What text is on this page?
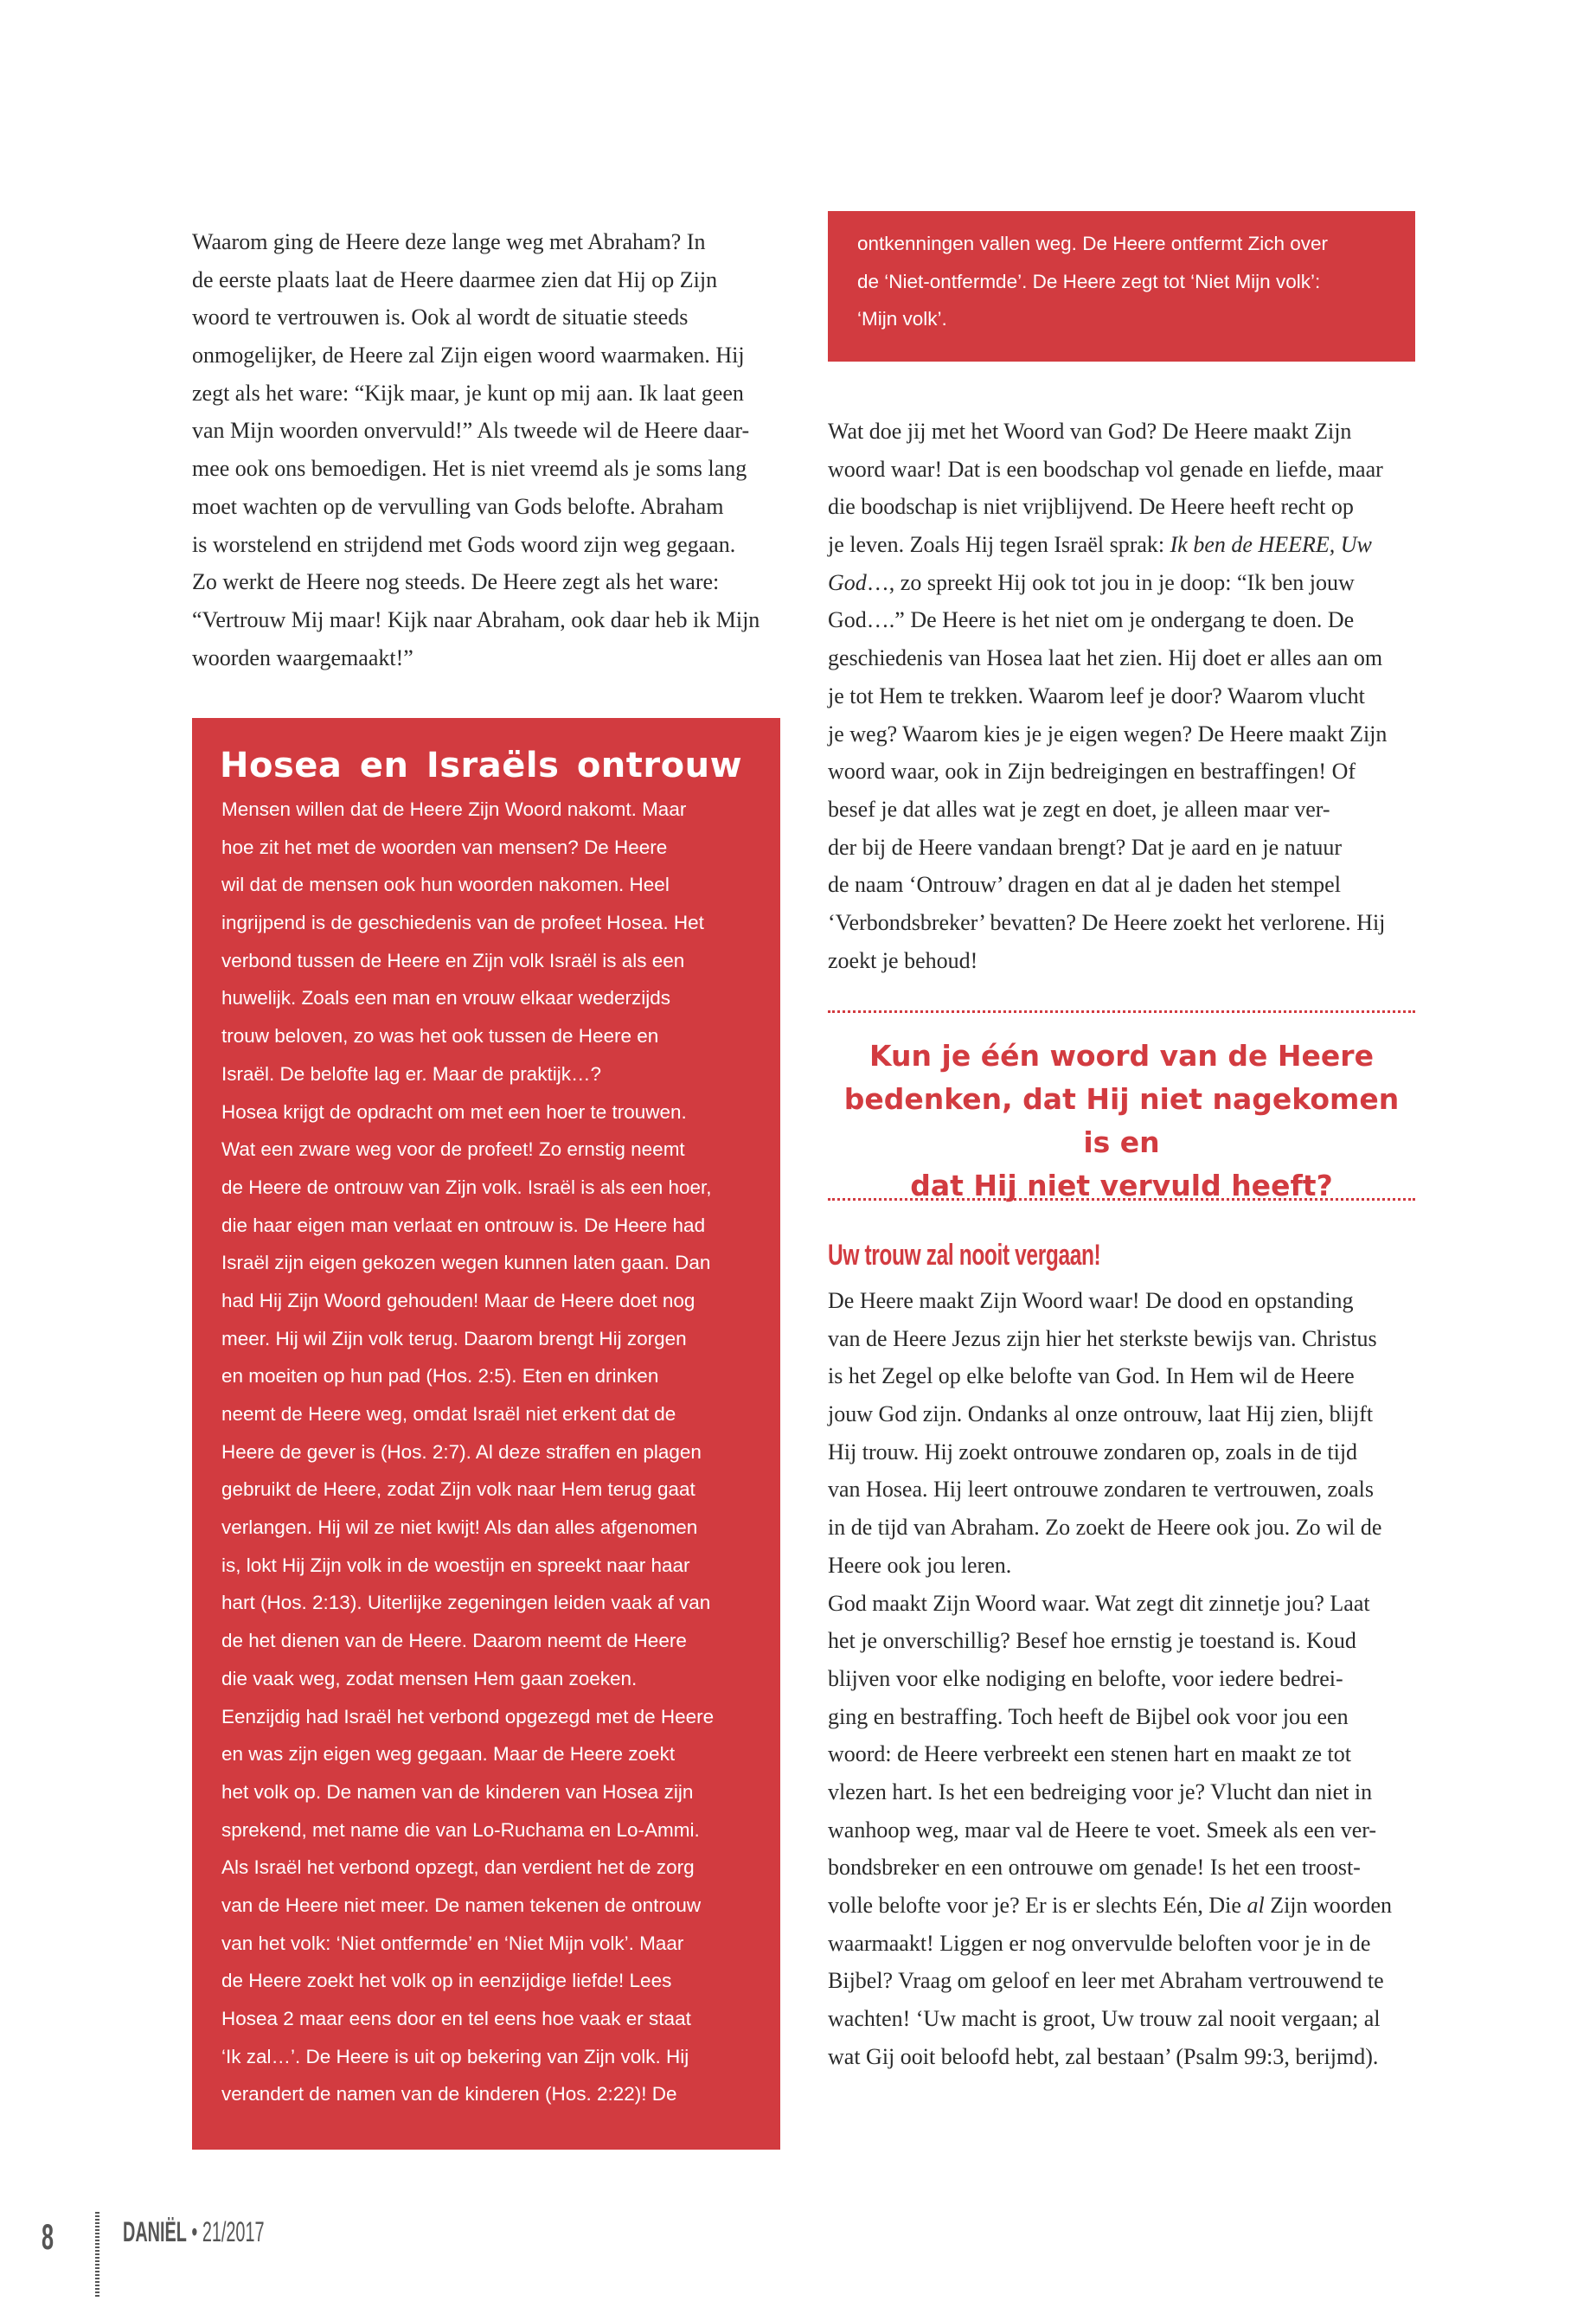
Waarom ging de Heere deze lange weg met Abraham? In
de eerste plaats laat de Heere daarmee zien dat Hij op Zijn
woord te vertrouwen is. Ook al wordt de situatie steeds
onmogelijker, de Heere zal Zijn eigen woord waarmaken. Hij
zegt als het ware: “Kijk maar, je kunt op mij aan. Ik laat geen
van Mijn woorden onvervuld!” Als tweede wil de Heere daar-
mee ook ons bemoedigen. Het is niet vreemd als je soms lang
moet wachten op de vervulling van Gods belofte. Abraham
is worstelend en strijdend met Gods woord zijn weg gegaan.
Zo werkt de Heere nog steeds. De Heere zegt als het ware:
“Vertrouw Mij maar! Kijk naar Abraham, ook daar heb ik Mijn
woorden waargemaakt!”
Hosea en Israëls ontrouw
Mensen willen dat de Heere Zijn Woord nakomt. Maar
hoe zit het met de woorden van mensen? De Heere
wil dat de mensen ook hun woorden nakomen. Heel
ingrijpend is de geschiedenis van de profeet Hosea. Het
verbond tussen de Heere en Zijn volk Israël is als een
huwelijk. Zoals een man en vrouw elkaar wederzijds
trouw beloven, zo was het ook tussen de Heere en
Israël. De belofte lag er. Maar de praktijk…?
Hosea krijgt de opdracht om met een hoer te trouwen.
Wat een zware weg voor de profeet! Zo ernstig neemt
de Heere de ontrouw van Zijn volk. Israël is als een hoer,
die haar eigen man verlaat en ontrouw is. De Heere had
Israël zijn eigen gekozen wegen kunnen laten gaan. Dan
had Hij Zijn Woord gehouden! Maar de Heere doet nog
meer. Hij wil Zijn volk terug. Daarom brengt Hij zorgen
en moeiten op hun pad (Hos. 2:5). Eten en drinken
neemt de Heere weg, omdat Israël niet erkent dat de
Heere de gever is (Hos. 2:7). Al deze straffen en plagen
gebruikt de Heere, zodat Zijn volk naar Hem terug gaat
verlangen. Hij wil ze niet kwijt! Als dan alles afgenomen
is, lokt Hij Zijn volk in de woestijn en spreekt naar haar
hart (Hos. 2:13). Uiterlijke zegeningen leiden vaak af van
de het dienen van de Heere. Daarom neemt de Heere
die vaak weg, zodat mensen Hem gaan zoeken.
Eenzijdig had Israël het verbond opgezegd met de Heere
en was zijn eigen weg gegaan. Maar de Heere zoekt
het volk op. De namen van de kinderen van Hosea zijn
sprekend, met name die van Lo-Ruchama en Lo-Ammi.
Als Israël het verbond opzegt, dan verdient het de zorg
van de Heere niet meer. De namen tekenen de ontrouw
van het volk: ‘Niet ontfermde’ en ‘Niet Mijn volk’. Maar
de Heere zoekt het volk op in eenzijdige liefde! Lees
Hosea 2 maar eens door en tel eens hoe vaak er staat
‘Ik zal…’. De Heere is uit op bekering van Zijn volk. Hij
verandert de namen van de kinderen (Hos. 2:22)! De
ontkenningen vallen weg. De Heere ontfermt Zich over
de ‘Niet-ontfermde’. De Heere zegt tot ‘Niet Mijn volk’:
‘Mijn volk’.
Wat doe jij met het Woord van God? De Heere maakt Zijn
woord waar! Dat is een boodschap vol genade en liefde, maar
die boodschap is niet vrijblijvend. De Heere heeft recht op
je leven. Zoals Hij tegen Israël sprak: Ik ben de HEERE, Uw
God…, zo spreekt Hij ook tot jou in je doop: “Ik ben jouw
God….” De Heere is het niet om je ondergang te doen. De
geschiedenis van Hosea laat het zien. Hij doet er alles aan om
je tot Hem te trekken. Waarom leef je door? Waarom vlucht
je weg? Waarom kies je je eigen wegen? De Heere maakt Zijn
woord waar, ook in Zijn bedreigingen en bestraffingen! Of
besef je dat alles wat je zegt en doet, je alleen maar ver-
der bij de Heere vandaan brengt? Dat je aard en je natuur
de naam ‘Ontrouw’ dragen en dat al je daden het stempel
‘Verbondsbreker’ bevatten? De Heere zoekt het verlorene. Hij
zoekt je behoud!
Kun je één woord van de Heere
bedenken, dat Hij niet nagekomen is en
dat Hij niet vervuld heeft?
Uw trouw zal nooit vergaan!
De Heere maakt Zijn Woord waar! De dood en opstanding
van de Heere Jezus zijn hier het sterkste bewijs van. Christus
is het Zegel op elke belofte van God. In Hem wil de Heere
jouw God zijn. Ondanks al onze ontrouw, laat Hij zien, blijft
Hij trouw. Hij zoekt ontrouwe zondaren op, zoals in de tijd
van Hosea. Hij leert ontrouwe zondaren te vertrouwen, zoals
in de tijd van Abraham. Zo zoekt de Heere ook jou. Zo wil de
Heere ook jou leren.
God maakt Zijn Woord waar. Wat zegt dit zinnetje jou? Laat
het je onverschillig? Besef hoe ernstig je toestand is. Koud
blijven voor elke nodiging en belofte, voor iedere bedrei-
ging en bestraffing. Toch heeft de Bijbel ook voor jou een
woord: de Heere verbreekt een stenen hart en maakt ze tot
vlezen hart. Is het een bedreiging voor je? Vlucht dan niet in
wanhoop weg, maar val de Heere te voet. Smeek als een ver-
bondsbreker en een ontrouwe om genade! Is het een troost-
volle belofte voor je? Er is er slechts Eén, Die al Zijn woorden
waarmaakt! Liggen er nog onvervulde beloften voor je in de
Bijbel? Vraag om geloof en leer met Abraham vertrouwend te
wachten! ‘Uw macht is groot, Uw trouw zal nooit vergaan; al
wat Gij ooit beloofd hebt, zal bestaan’ (Psalm 99:3, berijmd).
8 DANIËL • 21/2017
